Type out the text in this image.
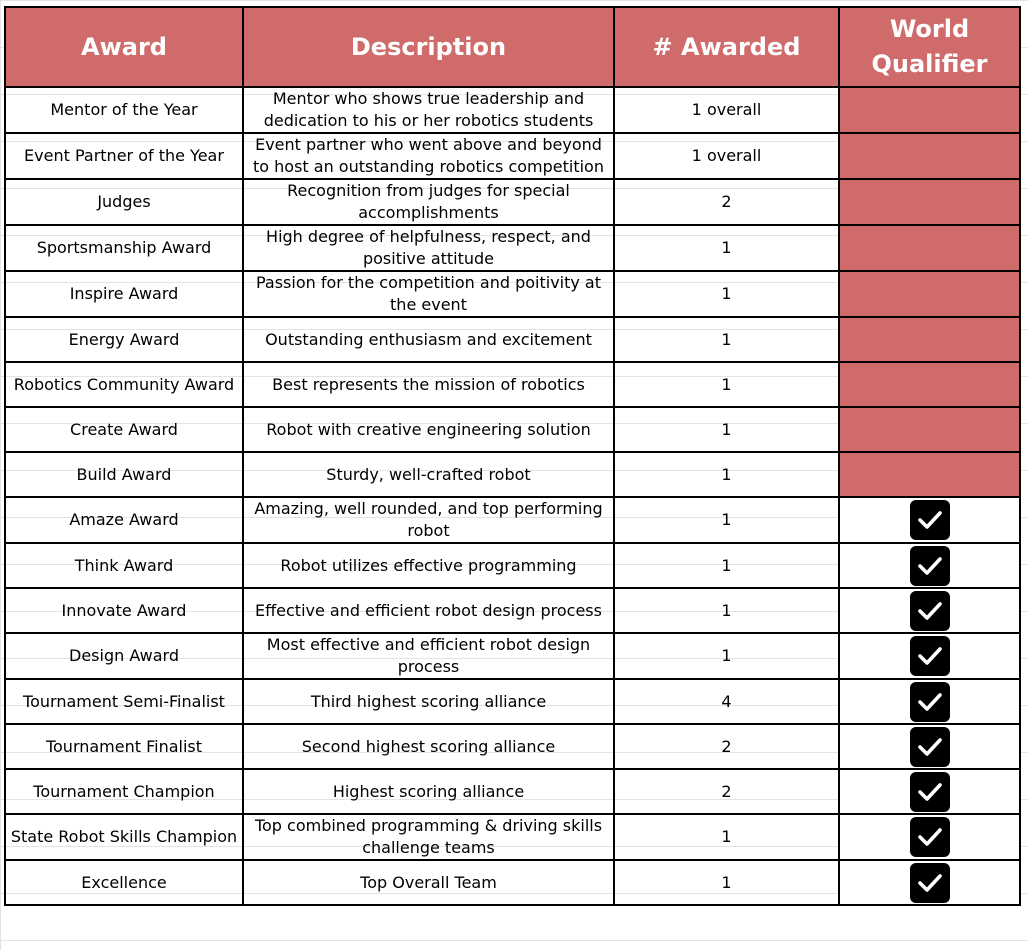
Award	Description	# Awarded	World
Qualifier
Mentor of the Year	Mentor who shows true leadership and dedication to his or her robotics students	1 overall	
Event Partner of the Year	Event partner who went above and beyond to host an outstanding robotics competition	1 overall	
Judges	Recognition from judges for special accomplishments	2	
Sportsmanship Award	High degree of helpfulness, respect, and positive attitude	1	
Inspire Award	Passion for the competition and poitivity at the event	1	
Energy Award	Outstanding enthusiasm and excitement	1	
Robotics Community Award	Best represents the mission of robotics	1	
Create Award	Robot with creative engineering solution	1	
Build Award	Sturdy, well-crafted robot	1	
Amaze Award	Amazing, well rounded, and top performing robot	1	

Think Award	Robot utilizes effective programming	1	

Innovate Award	Effective and efficient robot design process	1	

Design Award	Most effective and efficient robot design process	1	

Tournament Semi-Finalist	Third highest scoring alliance	4	

Tournament Finalist	Second highest scoring alliance	2	

Tournament Champion	Highest scoring alliance	2	

State Robot Skills Champion	Top combined programming & driving skills challenge teams	1	

Excellence	Top Overall Team	1	
